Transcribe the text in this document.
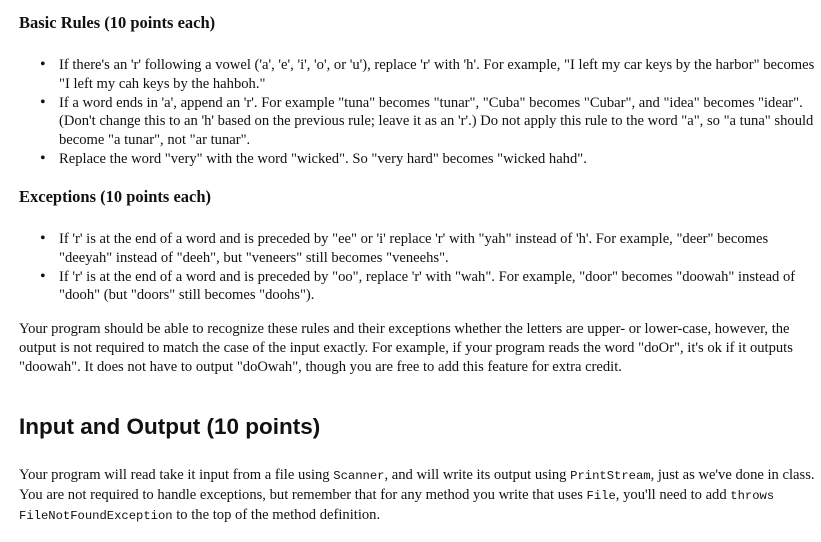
Basic Rules (10 points each)
• If there's an 'r' following a vowel ('a', 'e', 'i', 'o', or 'u'), replace 'r' with 'h'. For example, "I left my car keys by the harbor" becomes "I left my cah keys by the hahboh."
• If a word ends in 'a', append an 'r'. For example "tuna" becomes "tunar", "Cuba" becomes "Cubar", and "idea" becomes "idear". (Don't change this to an 'h' based on the previous rule; leave it as an 'r'.) Do not apply this rule to the word "a", so "a tuna" should become "a tunar", not "ar tunar".
• Replace the word "very" with the word "wicked". So "very hard" becomes "wicked hahd".
Exceptions (10 points each)
• If 'r' is at the end of a word and is preceded by "ee" or 'i' replace 'r' with "yah" instead of 'h'. For example, "deer" becomes "deeyah" instead of "deeh", but "veneers" still becomes "veneehs".
• If 'r' is at the end of a word and is preceded by "oo", replace 'r' with "wah". For example, "door" becomes "doowah" instead of "dooh" (but "doors" still becomes "doohs").

Your program should be able to recognize these rules and their exceptions whether the letters are upper- or lower-case, however, the output is not required to match the case of the input exactly. For example, if your program reads the word "doOr", it's ok if it outputs "doowah". It does not have to output "doOwah", though you are free to add this feature for extra credit.

Input and Output (10 points)

Your program will read take it input from a file using Scanner, and will write its output using PrintStream, just as we've done in class. You are not required to handle exceptions, but remember that for any method you write that uses File, you'll need to add throws FileNotFoundException to the top of the method definition.
